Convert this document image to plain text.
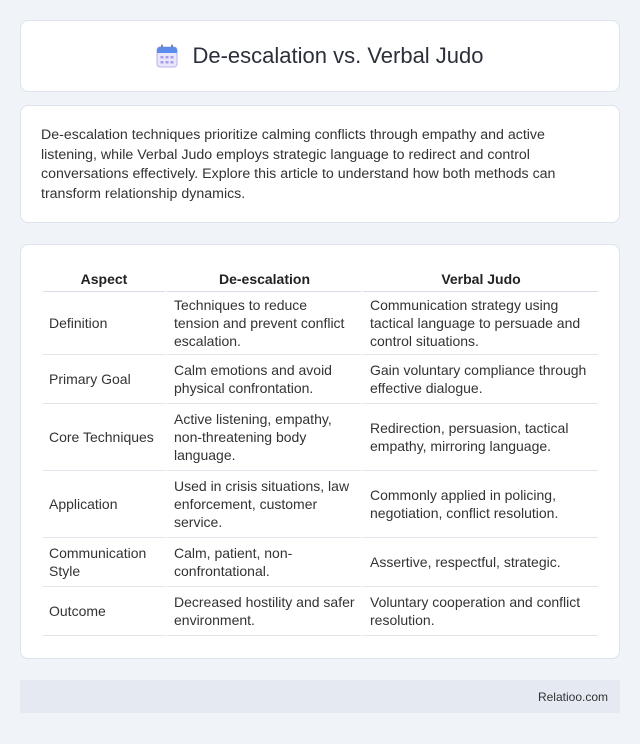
De-escalation vs. Verbal Judo

De-escalation techniques prioritize calming conflicts through empathy and active listening, while Verbal Judo employs strategic language to redirect and control conversations effectively. Explore this article to understand how both methods can transform relationship dynamics.

Aspect	De-escalation	Verbal Judo
Definition	Techniques to reduce tension and prevent conflict escalation.	Communication strategy using tactical language to persuade and control situations.
Primary Goal	Calm emotions and avoid physical confrontation.	Gain voluntary compliance through effective dialogue.
Core Techniques	Active listening, empathy, non-threatening body language.	Redirection, persuasion, tactical empathy, mirroring language.
Application	Used in crisis situations, law enforcement, customer service.	Commonly applied in policing, negotiation, conflict resolution.
Communication Style	Calm, patient, non-confrontational.	Assertive, respectful, strategic.
Outcome	Decreased hostility and safer environment.	Voluntary cooperation and conflict resolution.
Relatioo.com
